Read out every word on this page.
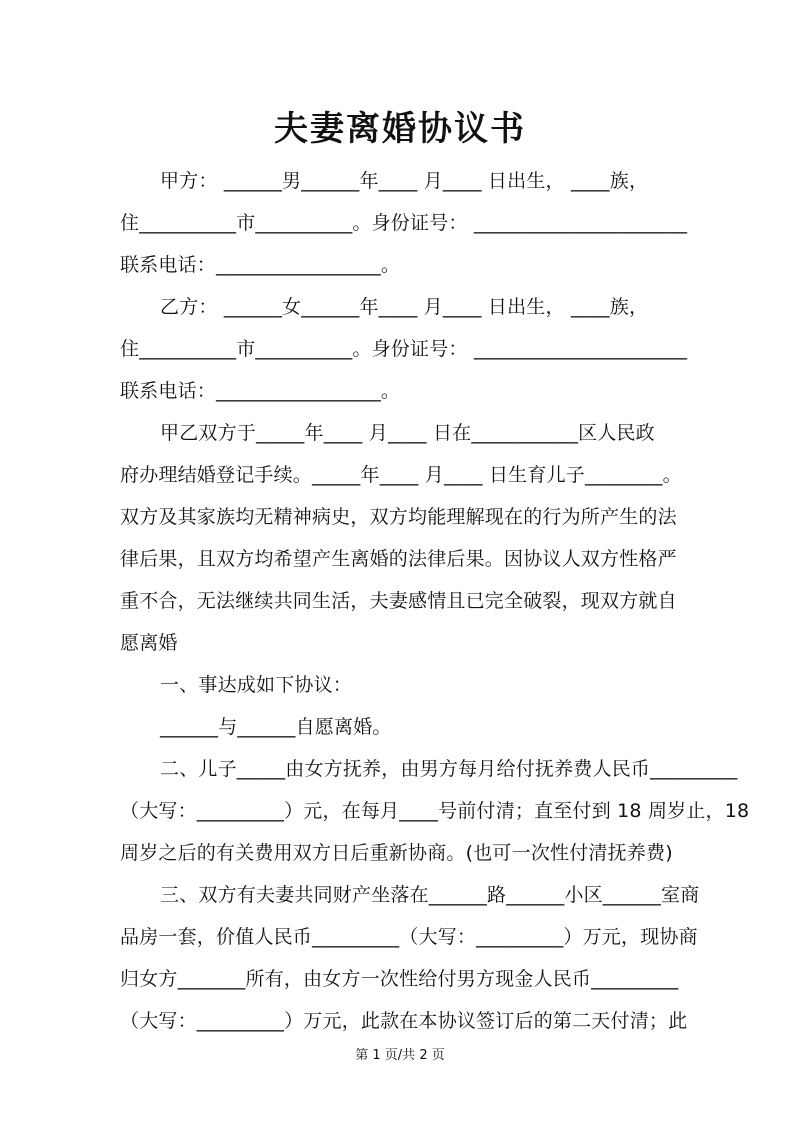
夫妻离婚协议书
甲方： ______男______年____ 月____ 日出生， ____族，
住__________市__________。身份证号： ______________________
联系电话：_________________。
乙方： ______女______年____ 月____ 日出生， ____族，
住__________市__________。身份证号： ______________________
联系电话：_________________。
甲乙双方于_____年____ 月____ 日在___________区人民政
府办理结婚登记手续。_____年____ 月____ 日生育儿子________。
双方及其家族均无精神病史，双方均能理解现在的行为所产生的法
律后果，且双方均希望产生离婚的法律后果。因协议人双方性格严
重不合，无法继续共同生活，夫妻感情且已完全破裂，现双方就自
愿离婚
一、事达成如下协议：
______与______自愿离婚。
二、儿子_____由女方抚养，由男方每月给付抚养费人民币_________
（大写：_________）元，在每月____号前付清；直至付到 18 周岁止，18
周岁之后的有关费用双方日后重新协商。(也可一次性付清抚养费)
三、双方有夫妻共同财产坐落在______路______小区______室商
品房一套，价值人民币_________（大写：_________）万元，现协商
归女方_______所有，由女方一次性给付男方现金人民币_________
（大写：_________）万元，此款在本协议签订后的第二天付清；此
第 1 页/共 2 页
